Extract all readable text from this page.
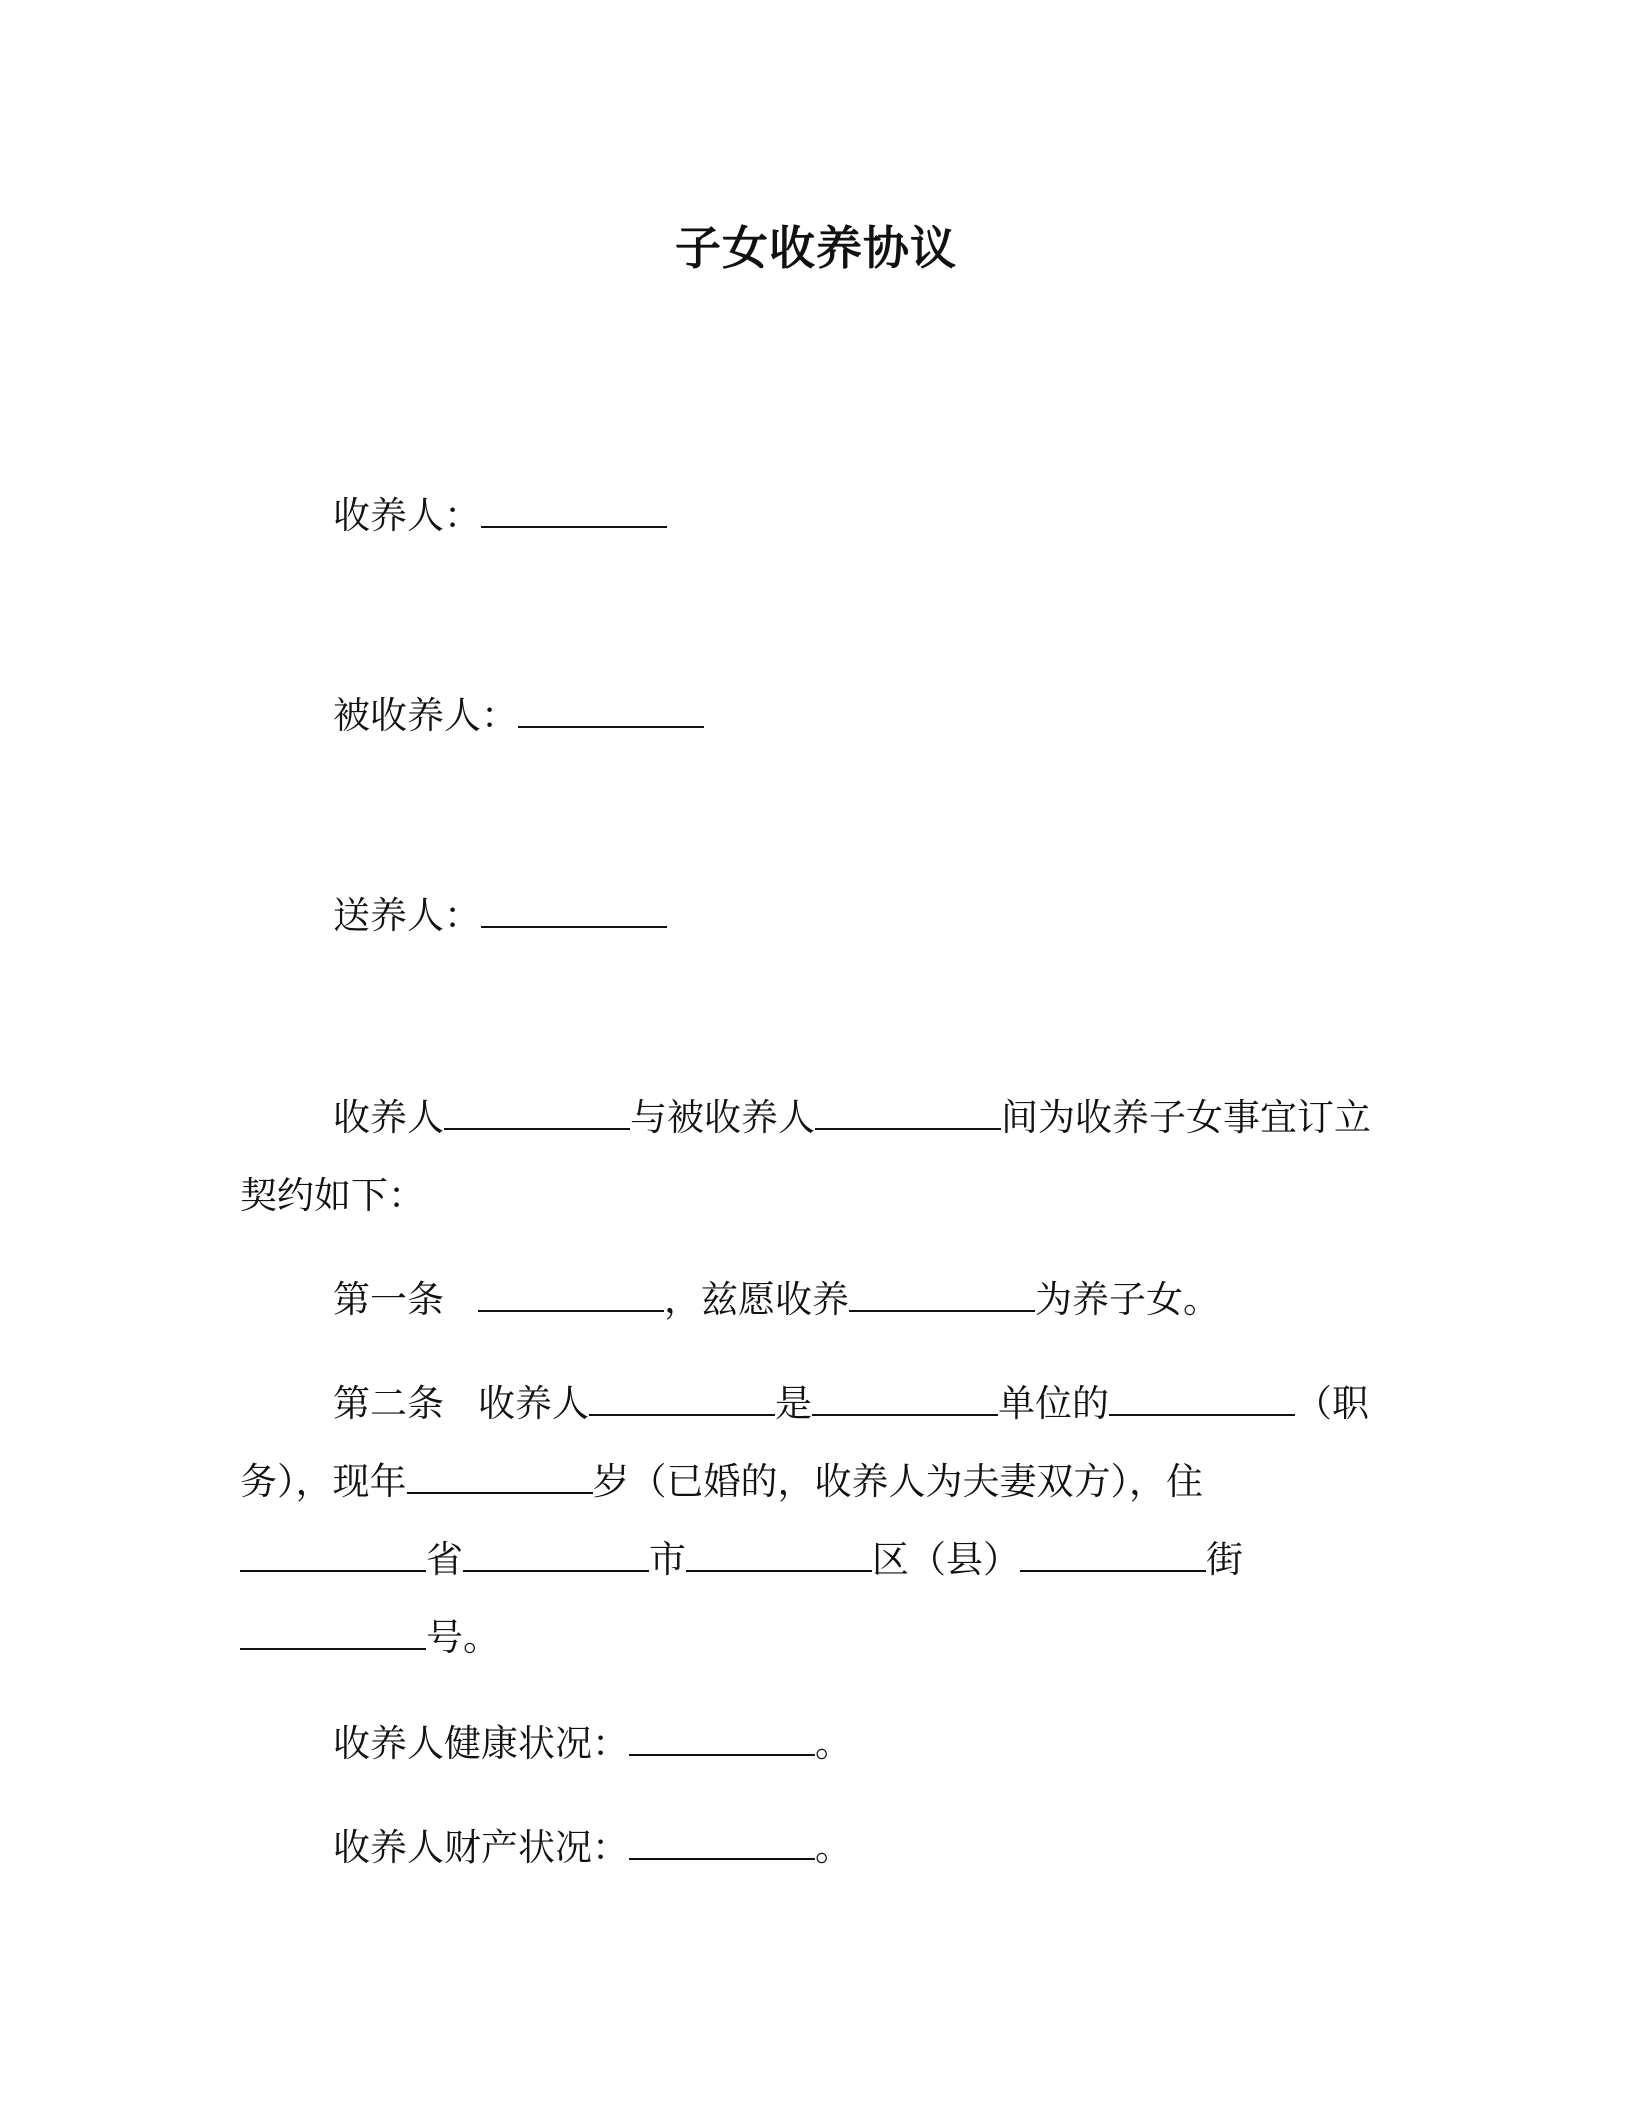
子女收养协议
收养人：
被收养人：
送养人：
收养人	与被收养人	间为收养子女事宜订立
契约如下：
第一条	，兹愿收养	为养子女。
第二条 收养人	是	单位的	（职
务），现年	岁（已婚的，收养人为夫妻双方），住
省	市	区（县）	街
号。
收养人健康状况：	。
收养人财产状况：	。
